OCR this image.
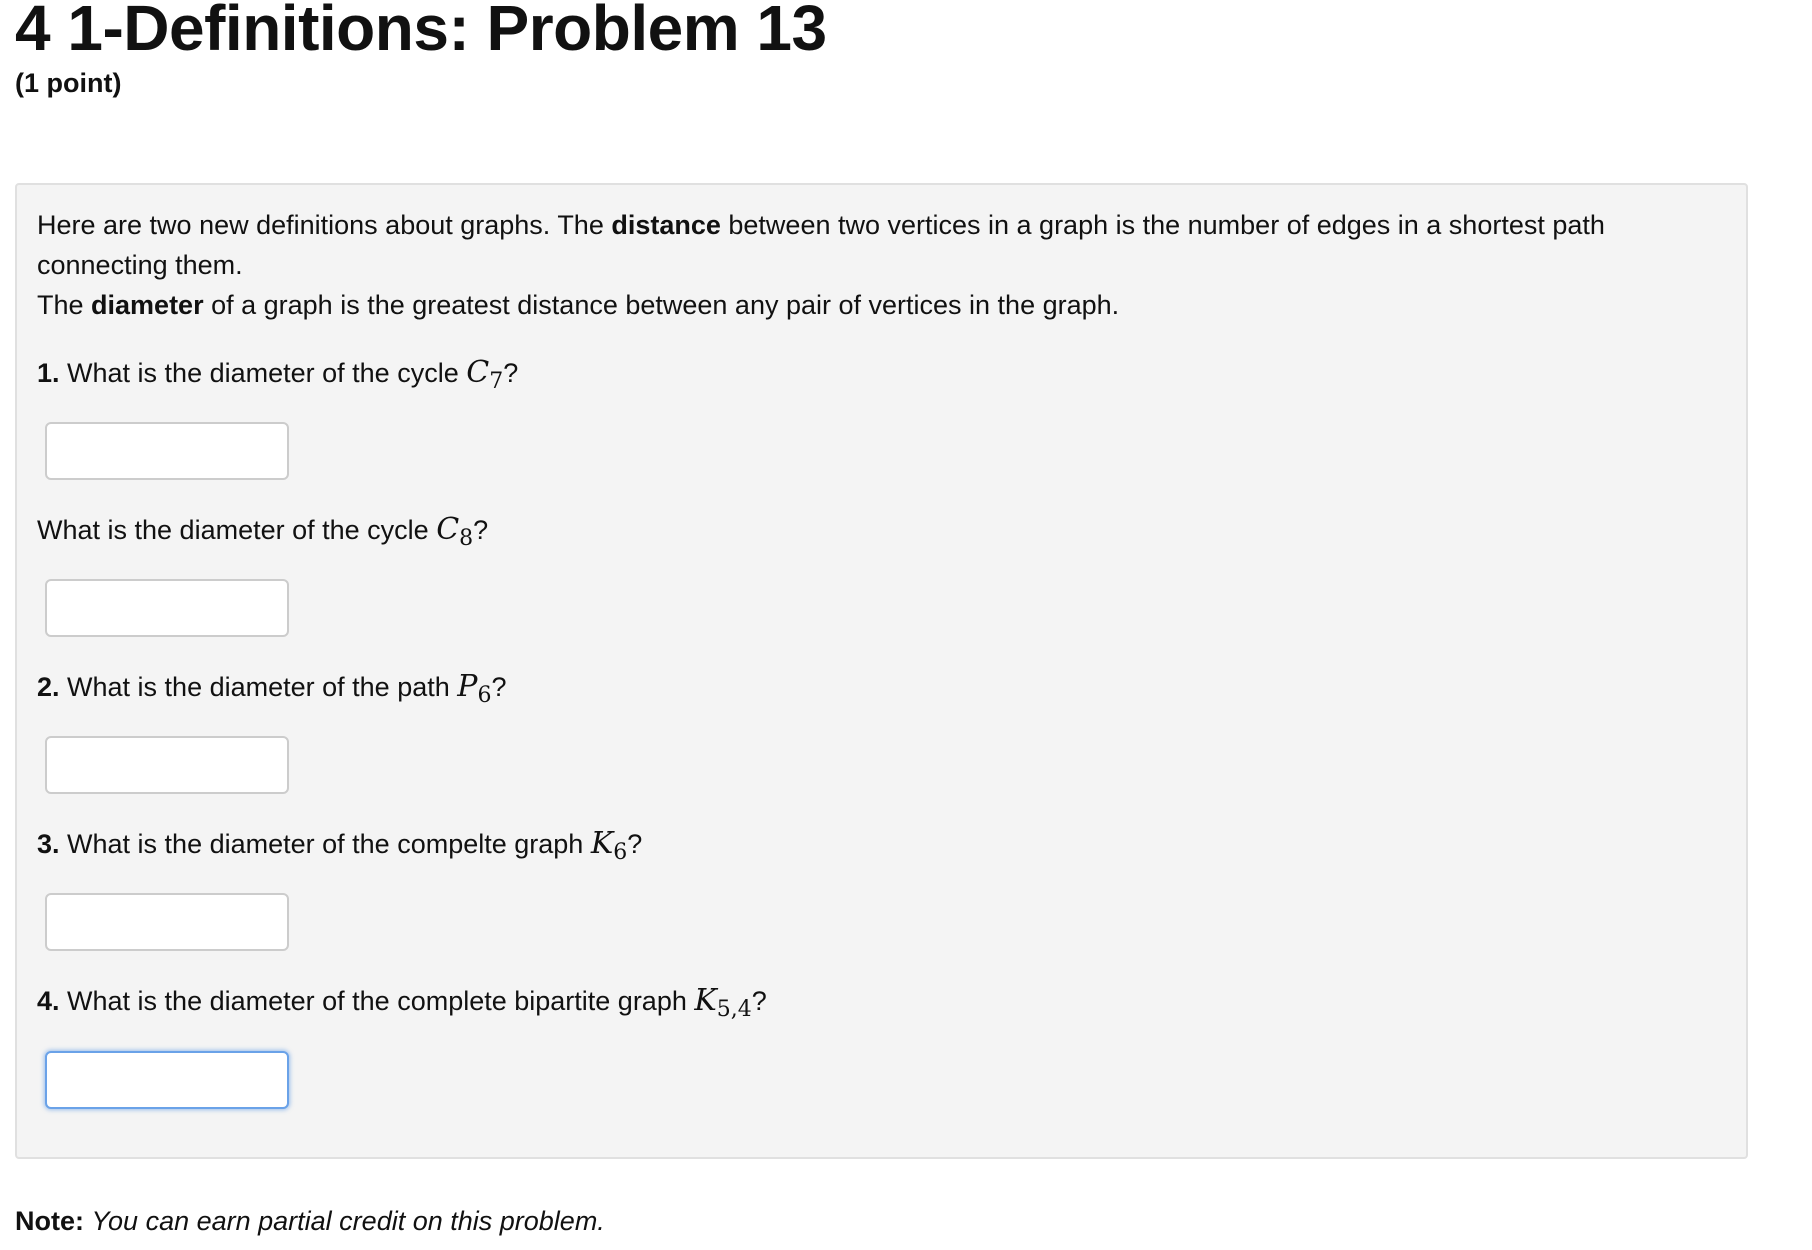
4 1-Definitions: Problem 13

(1 point)

Here are two new definitions about graphs. The distance between two vertices in a graph is the number of edges in a shortest path connecting them.
The diameter of a graph is the greatest distance between any pair of vertices in the graph.

1. What is the diameter of the cycle $C_7$?

What is the diameter of the cycle $C_8$?

2. What is the diameter of the path $P_6$?

3. What is the diameter of the compelte graph $K_6$?

4. What is the diameter of the complete bipartite graph $K_{5,4}$?

Note: You can earn partial credit on this problem.
